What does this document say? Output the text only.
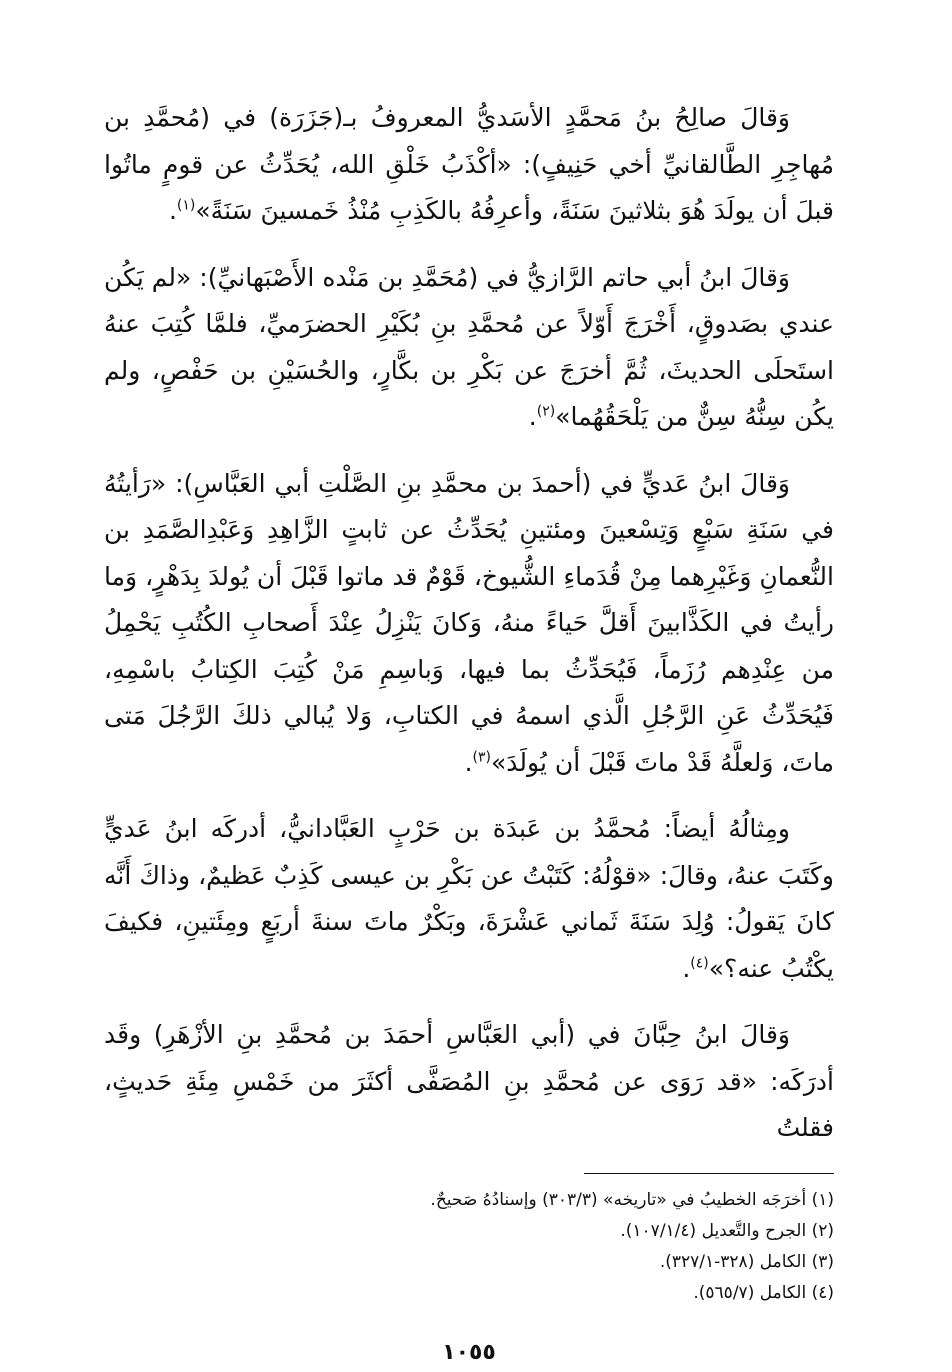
وَقالَ صالِحُ بنُ مَحمَّدٍ الأسَديُّ المعروفُ بـ(جَزَرَة) في (مُحمَّدِ بن مُهاجِرِ الطَّالقانيِّ أخي حَنِيفٍ): «أكْذَبُ خَلْقِ الله، يُحَدِّثُ عن قومٍ ماتُوا قبلَ أن يولَدَ هُوَ بثلاثينَ سَنَةً، وأعرِفُهُ بالكَذِبِ مُنْذُ خَمسينَ سَنَةً»$^{(١)}$.

وَقالَ ابنُ أبي حاتم الرَّازيُّ في (مُحَمَّدِ بن مَنْده الأَصْبَهانيِّ): «لم يَكُن عندي بصَدوقٍ، أَخْرَجَ أَوّلاً عن مُحمَّدِ بنِ بُكَيْرِ الحضرَميِّ، فلمَّا كُتِبَ عنهُ استَحلَى الحديثَ، ثُمَّ أخرَجَ عن بَكْرِ بن بكَّارٍ، والحُسَيْنِ بن حَفْصٍ، ولم يكُن سِنُّهُ سِنٌّ من يَلْحَقُهُما»$^{(٢)}$.

وَقالَ ابنُ عَديٍّ في (أحمدَ بن محمَّدِ بنِ الصَّلْتِ أبي العَبَّاسِ): «رَأيتُهُ في سَنَةِ سَبْعٍ وَتِسْعينَ ومئتينِ يُحَدِّثُ عن ثابتٍ الزَّاهِدِ وَعَبْدِالصَّمَدِ بن النُّعمانِ وَغَيْرِهما مِنْ قُدَماءِ الشُّيوخ، قَوْمٌ قد ماتوا قَبْلَ أن يُولدَ بِدَهْرٍ، وَما رأيتُ في الكَذَّابينَ أَقلَّ حَياءً منهُ، وَكانَ يَنْزِلُ عِنْدَ أَصحابِ الكُتُبِ يَحْمِلُ من عِنْدِهم رُزَماً، فَيُحَدِّثُ بما فيها، وَباسِمِ مَنْ كُتِبَ الكِتابُ باسْمِهِ، فَيُحَدِّثُ عَنِ الرَّجُلِ الَّذي اسمهُ في الكتابِ، وَلا يُبالي ذلكَ الرَّجُلَ مَتى ماتَ، وَلعلَّهُ قَدْ ماتَ قَبْلَ أن يُولَدَ»$^{(٣)}$.

ومِثالُهُ أيضاً: مُحمَّدُ بن عَبدَة بن حَرْبٍ العَبَّادانيُّ، أدركَه ابنُ عَديٍّ وكَتَبَ عنهُ، وقالَ: «قوْلُهُ: كَتَبْتُ عن بَكْرِ بن عيسى كَذِبٌ عَظيمٌ، وذاكَ أَنَّه كانَ يَقولُ: وُلِدَ سَنَةَ ثَماني عَشْرَةَ، وبَكْرٌ ماتَ سنةَ أربَعٍ ومِئَتينِ، فكيفَ يكْتُبُ عنه؟»$^{(٤)}$.

وَقالَ ابنُ حِبَّانَ في (أبي العَبَّاسِ أحمَدَ بن مُحمَّدِ بنِ الأزْهَرِ) وقَد أدرَكَه: «قد رَوَى عن مُحمَّدِ بنِ المُصَفَّى أكثَرَ من خَمْسِ مِئَةِ حَديثٍ، فقلتُ

(١) أخرَجَه الخطيبُ في «تاريخه» (٣٠٣/٣) وإسنادُهُ صَحيحٌ.
(٢) الجرح والتَّعديل (١٠٧/١/٤).
(٣) الكامل (٣٢٨-٣٢٧/١).
(٤) الكامل (٥٦٥/٧).
١٠٥٥
